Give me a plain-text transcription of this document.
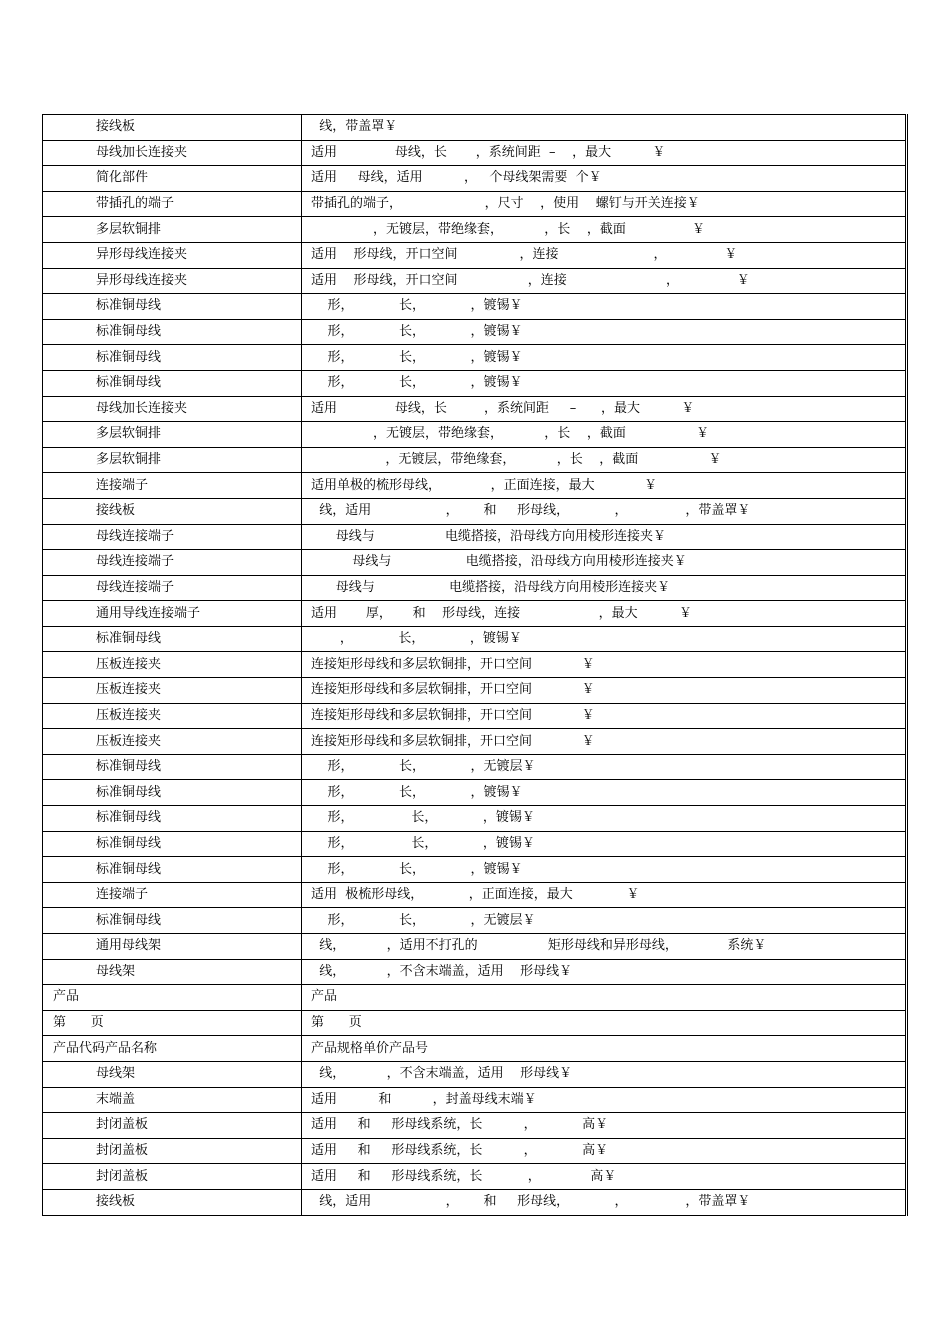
接线板	线，带盖罩￥
母线加长连接夹	适用              母线，长       ，系统间距  –    ，最大          ￥
简化部件	适用     母线，适用          ，   个母线架需要  个￥
带插孔的端子	带插孔的端子，                    ，尺寸    ，使用    螺钉与开关连接￥
多层软铜排	，无镀层，带绝缘套，          ，长    ，截面                ￥
异形母线连接夹	适用    形母线，开口空间               ，连接                       ，              ￥
异形母线连接夹	适用    形母线，开口空间                 ，连接                        ，              ￥
标准铜母线	形，           长，           ，镀锡￥
标准铜母线	形，           长，           ，镀锡￥
标准铜母线	形，           长，           ，镀锡￥
标准铜母线	形，           长，           ，镀锡￥
母线加长连接夹	适用              母线，长         ，系统间距     –      ，最大          ￥
多层软铜排	，无镀层，带绝缘套，          ，长    ，截面                 ￥
多层软铜排	，无镀层，带绝缘套，          ，长    ，截面                 ￥
连接端子	适用单极的梳形母线，            ，正面连接，最大            ￥
接线板	线，适用                  ，      和     形母线，           ，              ，带盖罩￥
母线连接端子	母线与                 电缆搭接，沿母线方向用棱形连接夹￥
母线连接端子	母线与                  电缆搭接，沿母线方向用棱形连接夹￥
母线连接端子	母线与                  电缆搭接，沿母线方向用棱形连接夹￥
通用导线连接端子	适用       厚，     和    形母线，连接                   ，最大          ￥
标准铜母线	，           长，           ，镀锡￥
压板连接夹	连接矩形母线和多层软铜排，开口空间            ￥
压板连接夹	连接矩形母线和多层软铜排，开口空间            ￥
压板连接夹	连接矩形母线和多层软铜排，开口空间            ￥
压板连接夹	连接矩形母线和多层软铜排，开口空间            ￥
标准铜母线	形，           长，           ，无镀层￥
标准铜母线	形，           长，           ，镀锡￥
标准铜母线	形，              长，           ，镀锡￥
标准铜母线	形，              长，           ，镀锡￥
标准铜母线	形，           长，           ，镀锡￥
连接端子	适用  极梳形母线，           ，正面连接，最大             ￥
标准铜母线	形，           长，           ，无镀层￥
通用母线架	线，          ，适用不打孔的                 矩形母线和异形母线，            系统￥
母线架	线，          ，不含末端盖，适用    形母线￥
产品	产品
第      页	第      页
产品代码产品名称	产品规格单价产品号
母线架	线，          ，不含末端盖，适用    形母线￥
末端盖	适用          和          ，封盖母线末端￥
封闭盖板	适用     和     形母线系统，长          ，           高￥
封闭盖板	适用     和     形母线系统，长          ，           高￥
封闭盖板	适用     和     形母线系统，长           ，            高￥
接线板	线，适用                  ，      和     形母线，           ，              ，带盖罩￥
